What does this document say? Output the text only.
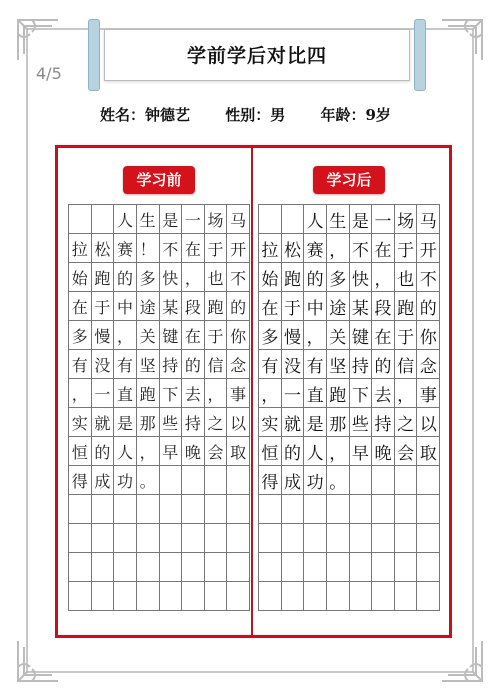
4/5
学前学后对比四
姓名：钟德艺 性别：男 年龄：9岁
学习前
人 生 是 一 场 马
拉 松 赛 ！ 不 在 于 开
始 跑 的 多 快 ， 也 不
在 于 中 途 某 段 跑 的
多 慢 ， 关 键 在 于 你
有 没 有 坚 持 的 信 念
， 一 直 跑 下 去 ， 事
实 就 是 那 些 持 之 以
恒 的 人 ， 早 晚 会 取
得 成 功 。
学习后
人 生 是 一 场 马
拉 松 赛 ， 不 在 于 开
始 跑 的 多 快 ， 也 不
在 于 中 途 某 段 跑 的
多 慢 ， 关 键 在 于 你
有 没 有 坚 持 的 信 念
， 一 直 跑 下 去 ， 事
实 就 是 那 些 持 之 以
恒 的 人 ， 早 晚 会 取
得 成 功 。
